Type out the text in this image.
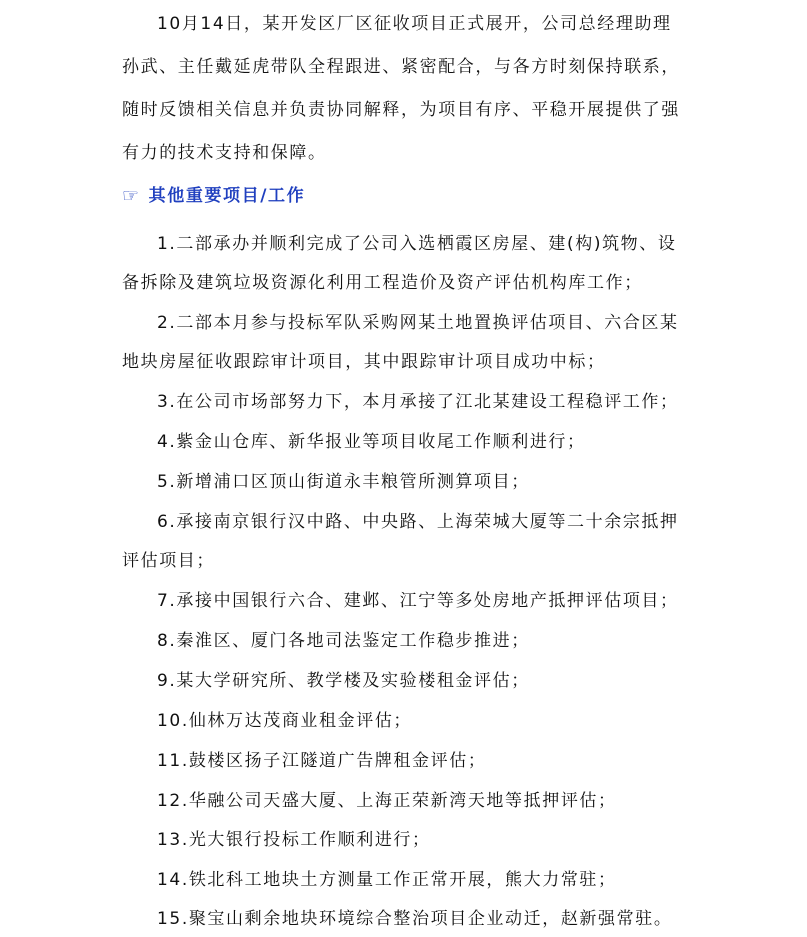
10月14日，某开发区厂区征收项目正式展开，公司总经理助理
孙武、主任戴延虎带队全程跟进、紧密配合，与各方时刻保持联系，
随时反馈相关信息并负责协同解释，为项目有序、平稳开展提供了强
有力的技术支持和保障。
☞ 其他重要项目/工作
1.二部承办并顺利完成了公司入选栖霞区房屋、建(构)筑物、设
备拆除及建筑垃圾资源化利用工程造价及资产评估机构库工作；
2.二部本月参与投标军队采购网某土地置换评估项目、六合区某
地块房屋征收跟踪审计项目，其中跟踪审计项目成功中标；
3.在公司市场部努力下，本月承接了江北某建设工程稳评工作；
4.紫金山仓库、新华报业等项目收尾工作顺利进行；
5.新增浦口区顶山街道永丰粮管所测算项目；
6.承接南京银行汉中路、中央路、上海荣城大厦等二十余宗抵押
评估项目；
7.承接中国银行六合、建邺、江宁等多处房地产抵押评估项目；
8.秦淮区、厦门各地司法鉴定工作稳步推进；
9.某大学研究所、教学楼及实验楼租金评估；
10.仙林万达茂商业租金评估；
11.鼓楼区扬子江隧道广告牌租金评估；
12.华融公司天盛大厦、上海正荣新湾天地等抵押评估；
13.光大银行投标工作顺利进行；
14.铁北科工地块土方测量工作正常开展，熊大力常驻；
15.聚宝山剩余地块环境综合整治项目企业动迁，赵新强常驻。
